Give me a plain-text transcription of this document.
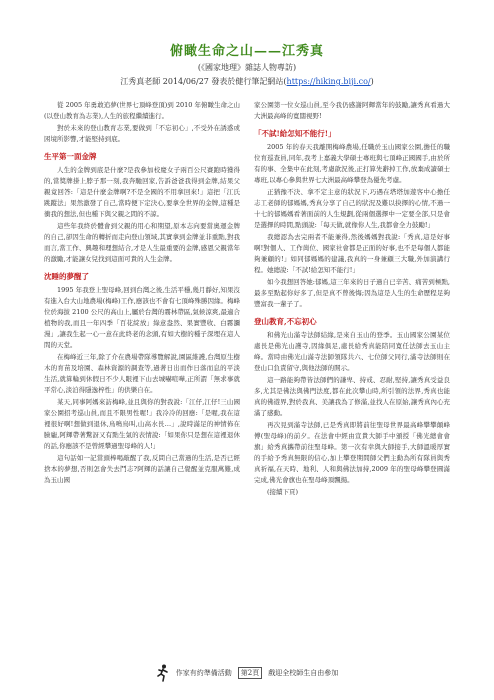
俯瞰生命之山——江秀真
(《國家地理》雜誌人物專訪)
江秀真老師 2014/06/27 發表於健行筆記網站(https://hiking.biji.co/)

從 2005 年勇敢追夢(世界七頂峰登頂)到 2010 年俯瞰生命之山(以登山教育為志業),人生的旅程繼續進行。

對於未來的登山教育志業,要做到「不忘初心」,不受外在誘惑或困境所影響,才能堅持到底。

生平第一面金牌

人生的金牌到底是什麼?是我參加校慶女子兩百公尺賽跑時獲得的,當獎牌掛上脖子那一刻,我奔馳回家,告訴爸爸我得到金牌,結果父親竟回答:「這是什麼金牌啊?不是全國的不用拿回來!」這把「江氏跳蹤法」果然激發了自己,當時便下定決心,要拿全世界的金牌,這種是衝我的想法,但也種下與父親之間的不諒。

這些年我終於體會到父親的用心和期望,原本志向要當奧運金牌的自己,卻因生命的轉折而走向登山領域,其實拿到金牌並非重點,對我而言,當工作、興趣和理想結合,才是人生最重要的金牌,感恩父親當年的激勵,才能讓女兒找到這面可貴的人生金牌。

沈睡的夢醒了

1995 年我登上聖母峰,回到台灣之後,生活平穩,幾月靜好,知果沒有進入台大山地農場(梅峰)工作,應該也不會有七頂峰殊勝因緣。梅峰位於海拔 2100 公尺的高山上,屬於台灣的霧林帶區,氣候涼爽,最適合植物的我,而且一年四季「百花綻放」綠意盎然、果實豐收、白霧瀰漫」,讓我生起一心一意在此終老的念頭,有如大樹的種子深埋在這人間的天堂。

在梅峰近三年,除了介在農場帶隊導覽解說,園區維護,台灣原生樹木的育苗及培園、森林資源的調查等,過著日出而作日落而息的平淡生活,就算輪到休假日不少人眼裡下山去城嚇喧嘩,正所謂「無求事就平常心,淡泊得隱逸梓性」的供樂自在。

某天,同事阿媽來訪梅峰,並且與你的對我說:「江仔,江仔!三山國家公園招考巡山員,而且不限男性喔!」我冷冷的回應:「是喔,我在這裡很好啊!想做到退休,鳥鳴鳥叫,山高水長…」,說時滿足的神情佈在臉龐,阿輝帶著驚訝又有點生氣的表情說:「如果你只是想在這裡退休的話,你應該不是曾經攀過聖母峰的人!」

這句話如一記當頭棒喝敲醒了我,反問自己當過的生活,是否已經捨本的夢想,否則怎會失去鬥志?阿輝的話讓自己覺醒並克服萬難,成為玉山國

家公園第一位女巡山員,至今我仍感謝阿輝當年的鼓勵,讓秀真看過大大洲最高峰的寬闊視野!

「不試!給怎知不能行!」

2005 年的春天我離開梅峰農場,任職於玉山國家公園,擔任的職位育巡查員,同年,我考上嘉義大學碩士專班與七頂峰正國國手,由於所有的事、全集中在此刻,考慮歆況後,正打算先辭掉工作,放棄成讀碩士專班,以專心參與世界七大洲最高峰攀登為優先考慮。

正猶豫不決、拿不定主意的狀況下,巧遇在塔塔加遊客中心擔任志工老師的郁媽媽,秀真分享了自己的狀況及難以抉擇的心情,不過一十七的郁媽媽看著面前的人生規劃,從兩個選擇中一定要全部,只是會是選擇的時間,點頭說:「每天做,就像你人生,我都會全力鼓勵!」

我總認為去完兩者不能兼得,然後媽媽對我說:「秀真,這是好事啊!對個人、工作崗位、國家社會都是正面的好事,也不是每個人都能夠兼顧的!」如同郁媽媽的建議,我真的一身兼顧三大職,外加演講行程。她總說:「不試!給怎知不能行!」

如今我想回答她:郁媽,這三年來的日子過自已辛苦、痛苦到極點,最多至點起你好多了,但是真不曾後悔;因為這是人生的生命歷程足夠豐富我一輩子了。

登山教育,不忘初心

和佛光山滿寺法師結緣,是來自玉山的登季。玉山國家公園某位處長是佛光山護寺,因緣俱足,處長給秀真能陪同寛任法師去玉山主峰。當時由佛光山滿寺法師領隊共六、七位師父同行,滿寺法師則在登山口負責留守,與他法師的開示。

這一路能夠帶皆法師們的謙卑、持戒、忍耐,堅持,讓秀真受益良多,尤其是佛法與佛門法度,都在此次攀山時,所引領的法界,秀真也能真的佛遊界,對於我真、美讓我為了修滿,並找人在原始,讓秀真內心充滿了感動。

再次見到滿寺法師,已是秀真即將前往聖母世界最高峰攀攀顛峰傅(聖母峰)的前夕。在法會中經由宣貴大師手中頒授「佛光總會會旗」給秀真攜帶前往聖母峰。第一次有幸與大師接手,大師溫暖厚實的手給予秀真無限的信心,加上攀登期間師父們主動為所有隊員與秀真祈福,在天時、地利、人和與佛法加持,2009 年的聖母峰攀登圓滿完成,佛光會旗也在聖母峰頂飄揚。

(接續下頁)

作家有約準備活動	第2頁	戲迎全校師生自由參加
